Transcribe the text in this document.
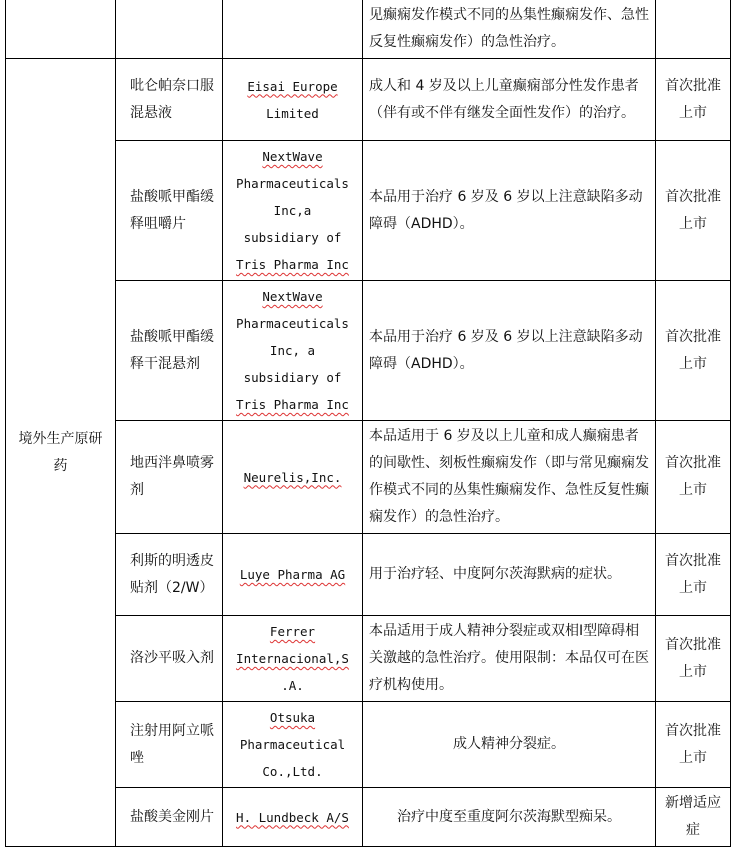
			见癫痫发作模式不同的丛集性癫痫发作、急性反复性癫痫发作）的急性治疗。	
境外生产原研药	吡仑帕奈口服混悬液	Eisai Europe
Limited	成人和 4 岁及以上儿童癫痫部分性发作患者（伴有或不伴有继发全面性发作）的治疗。	首次批准上市
	盐酸哌甲酯缓释咀嚼片	NextWave
Pharmaceuticals
Inc,a
subsidiary of
Tris Pharma Inc	本品用于治疗 6 岁及 6 岁以上注意缺陷多动障碍（ADHD）。	首次批准上市
	盐酸哌甲酯缓释干混悬剂	NextWave
Pharmaceuticals
Inc, a
subsidiary of
Tris Pharma Inc	本品用于治疗 6 岁及 6 岁以上注意缺陷多动障碍（ADHD）。	首次批准上市
	地西泮鼻喷雾剂	Neurelis,Inc.	本品适用于 6 岁及以上儿童和成人癫痫患者的间歇性、刻板性癫痫发作（即与常见癫痫发作模式不同的丛集性癫痫发作、急性反复性癫痫发作）的急性治疗。	首次批准上市
	利斯的明透皮贴剂（2/W）	Luye Pharma AG	用于治疗轻、中度阿尔茨海默病的症状。	首次批准上市
	洛沙平吸入剂	Ferrer
Internacional,S
.A.	本品适用于成人精神分裂症或双相Ⅰ型障碍相关激越的急性治疗。使用限制：本品仅可在医疗机构使用。	首次批准上市
	注射用阿立哌唑	Otsuka
Pharmaceutical
Co.,Ltd.	成人精神分裂症。	首次批准上市
	盐酸美金刚片	H. Lundbeck A/S	治疗中度至重度阿尔茨海默型痴呆。	新增适应症
